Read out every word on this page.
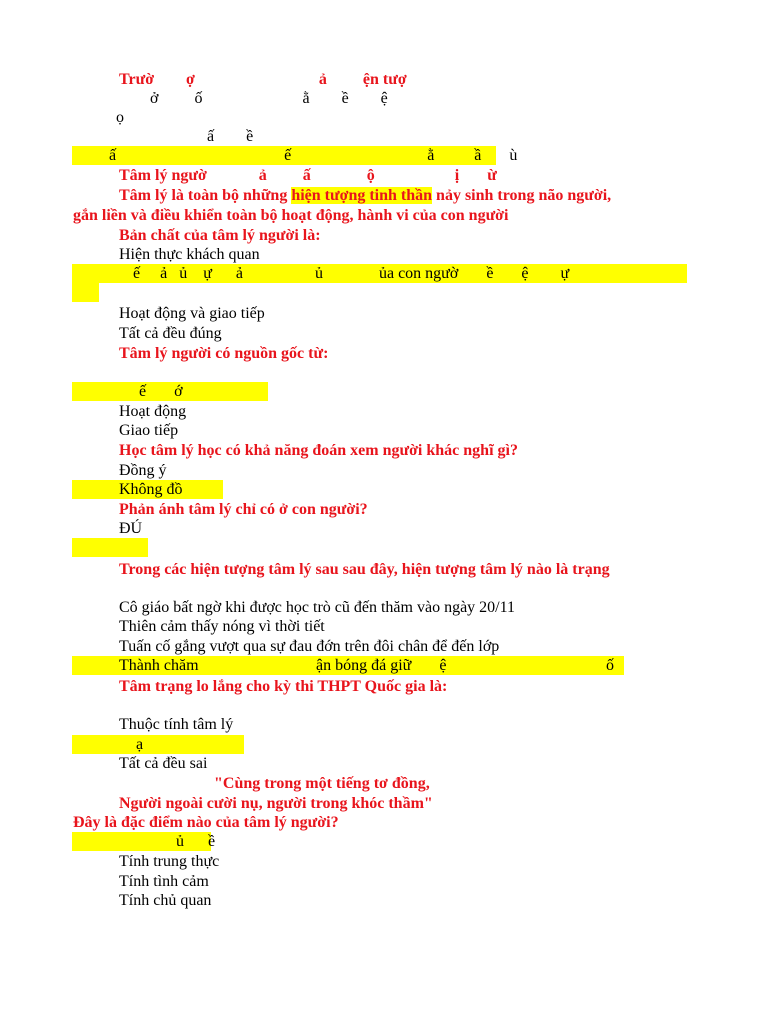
Trườ        ợ                               ả         ện tượ
ở         ố                         ằ        ề        ệ
ọ
ấ        ề
ấ                                          ế                                  ằ          ầ       ù
Tâm lý ngườ             ả         ấ              ộ                    ị       ừ
Tâm lý là toàn bộ những hiện tượng tinh thần nảy sinh trong não người,
gắn liền và điều khiển toàn bộ hoạt động, hành vi của con người
Bản chất của tâm lý người là:
Hiện thực khách quan
ế     ả   ủ    ự      ả                  ủ              ủa con ngườ       ề       ệ        ự
Hoạt động và giao tiếp
Tất cả đều đúng
Tâm lý người có nguồn gốc từ:
ế       ớ
Hoạt động
Giao tiếp
Học tâm lý học có khả năng đoán xem người khác nghĩ gì?
Đồng ý
Không đồ
Phản ánh tâm lý chỉ có ở con người?
ĐÚ
Trong các hiện tượng tâm lý sau sau đây, hiện tượng tâm lý nào là trạng
Cô giáo bất ngờ khi được học trò cũ đến thăm vào ngày 20/11
Thiên cảm thấy nóng vì thời tiết
Tuấn cố gắng vượt qua sự đau đớn trên đôi chân để đến lớp
Thành chăm	ận bóng đá giữ       ệ	ố
Tâm trạng lo lắng cho kỳ thi THPT Quốc gia là:
Thuộc tính tâm lý
ạ
Tất cả đều sai
"Cùng trong một tiếng tơ đồng,
Người ngoài cười nụ, người trong khóc thầm"
Đây là đặc điểm nào của tâm lý người?
ủ      ề
Tính trung thực
Tính tình cảm
Tính chủ quan
